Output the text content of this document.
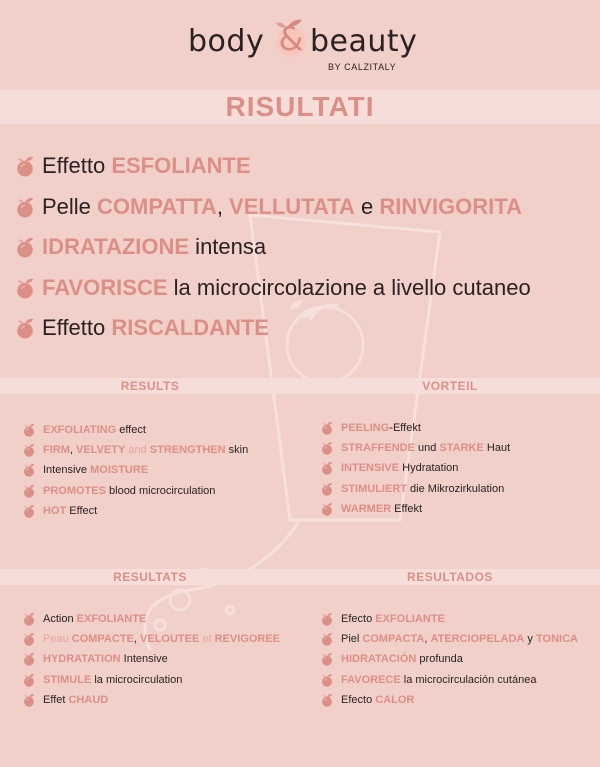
body & beauty
BY CALZITALY
RISULTATI
Effetto ESFOLIANTE
Pelle COMPATTA, VELLUTATA e RINVIGORITA
IDRATAZIONE intensa
FAVORISCE la microcircolazione a livello cutaneo
Effetto RISCALDANTE
RESULTS	VORTEIL
EXFOLIATING effect
FIRM, VELVETY and STRENGTHEN skin
Intensive MOISTURE
PROMOTES blood microcirculation
HOT Effect
PEELING-Effekt
STRAFFENDE und STARKE Haut
INTENSIVE Hydratation
STIMULIERT die Mikrozirkulation
WARMER Effekt
RESULTATS	RESULTADOS
Action EXFOLIANTE
Peau COMPACTE, VELOUTEE et REVIGOREE
HYDRATATION Intensive
STIMULE la microcirculation
Effet CHAUD
Efecto EXFOLIANTE
Piel COMPACTA, ATERCIOPELADA y TONICA
HIDRATACIÓN profunda
FAVORECE la microcirculación cutánea
Efecto CALOR
